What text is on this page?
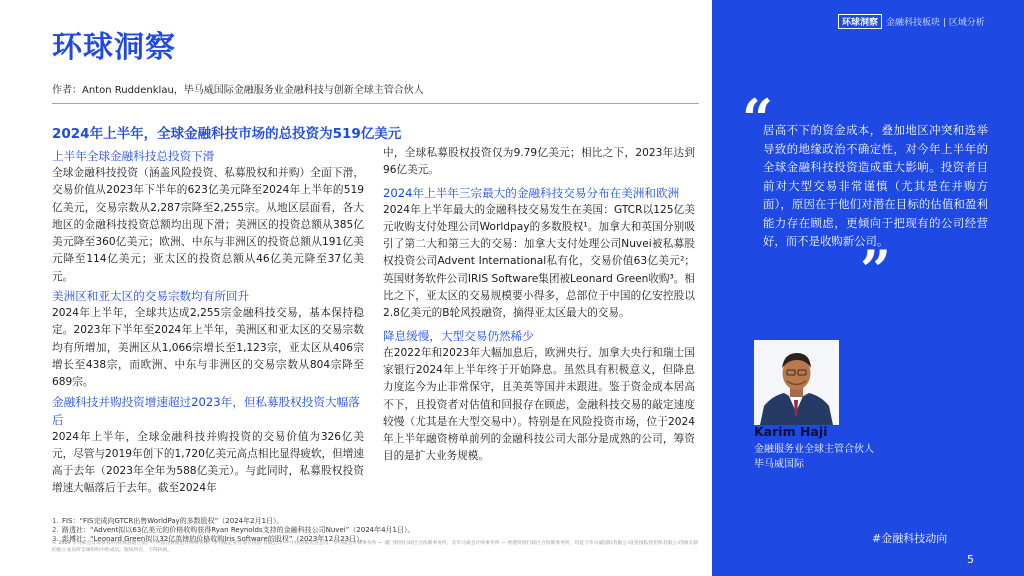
环球洞察
作者：Anton Ruddenklau，毕马威国际金融服务业金融科技与创新全球主管合伙人
2024年上半年，全球金融科技市场的总投资为519亿美元
上半年全球金融科技总投资下滑

全球金融科技投资（涵盖风险投资、私募股权和并购）全面下滑，交易价值从2023年下半年的623亿美元降至2024年上半年的519亿美元，交易宗数从2,287宗降至2,255宗。从地区层面看，各大地区的金融科技投资总额均出现下滑；美洲区的投资总额从385亿美元降至360亿美元；欧洲、中东与非洲区的投资总额从191亿美元降至114亿美元；亚太区的投资总额从46亿美元降至37亿美元。

美洲区和亚太区的交易宗数均有所回升

2024年上半年，全球共达成2,255宗金融科技交易，基本保持稳定。2023年下半年至2024年上半年，美洲区和亚太区的交易宗数均有所增加，美洲区从1,066宗增长至1,123宗，亚太区从406宗增长至438宗，而欧洲、中东与非洲区的交易宗数从804宗降至689宗。

金融科技并购投资增速超过2023年，但私募股权投资大幅落后

2024年上半年，全球金融科技并购投资的交易价值为326亿美元，尽管与2019年创下的1,720亿美元高点相比显得疲软，但增速高于去年（2023年全年为588亿美元）。与此同时，私募股权投资增速大幅落后于去年。截至2024年

中，全球私募股权投资仅为9.79亿美元；相比之下，2023年达到96亿美元。

2024年上半年三宗最大的金融科技交易分布在美洲和欧洲

2024年上半年最大的金融科技交易发生在美国：GTCR以125亿美元收购支付处理公司Worldpay的多数股权¹。加拿大和英国分别吸引了第二大和第三大的交易：加拿大支付处理公司Nuvei被私募股权投资公司Advent International私有化，交易价值63亿美元²；英国财务软件公司IRIS Software集团被Leonard Green收购³。相比之下，亚太区的交易规模要小得多，总部位于中国的亿安控股以2.8亿美元的B轮风投融资，摘得亚太区最大的交易。

降息缓慢，大型交易仍然稀少

在2022年和2023年大幅加息后，欧洲央行、加拿大央行和瑞士国家银行2024年上半年终于开始降息。虽然具有积极意义，但降息力度迄今为止非常保守，且美英等国并未跟进。鉴于资金成本居高不下，且投资者对估值和回报存在顾虑，金融科技交易的敲定速度较慢（尤其是在大型交易中）。特别是在风险投资市场，位于2024年上半年融资榜单前列的金融科技公司大部分是成熟的公司，筹资目的是扩大业务规模。

1. FIS：“FIS完成向GTCR出售WorldPay的多数股权”（2024年2月1日）。
2. 路透社：“Advent拟以63亿美元的价格收购获得Ryan Reynolds支持的金融科技公司Nuvei”（2024年4月1日）。
3. 彭博社：“Leonard Green拟以32亿英镑的价格收购Iris Software的股权”（2023年12月23日）。
© 2024 毕马威会计师事务所(特殊普通合伙) — 中国合伙制会计师事务所；毕马威企业咨询 (中国) 有限公司 — 中国有限责任公司；毕马威会计师事务所 — 澳门特别行政区合伙制事务所，及毕马威会计师事务所 — 香港特别行政区合伙制事务所，均是与毕马威国际有限公司(英国私营担保有限公司)相关联的独立成员所全球组织中的成员。版权所有，不得转载。
环球洞察 金融科技板块 | 区域分析
“
居高不下的资金成本，叠加地区冲突和选举导致的地缘政治不确定性，对今年上半年的全球金融科技投资造成重大影响。投资者目前对大型交易非常谨慎（尤其是在并购方面），原因在于他们对潜在目标的估值和盈利能力存在顾虑，更倾向于把现有的公司经营好，而不是收购新公司。
”
Karim Haji
金融服务业全球主管合伙人
毕马威国际
#金融科技动向
5
